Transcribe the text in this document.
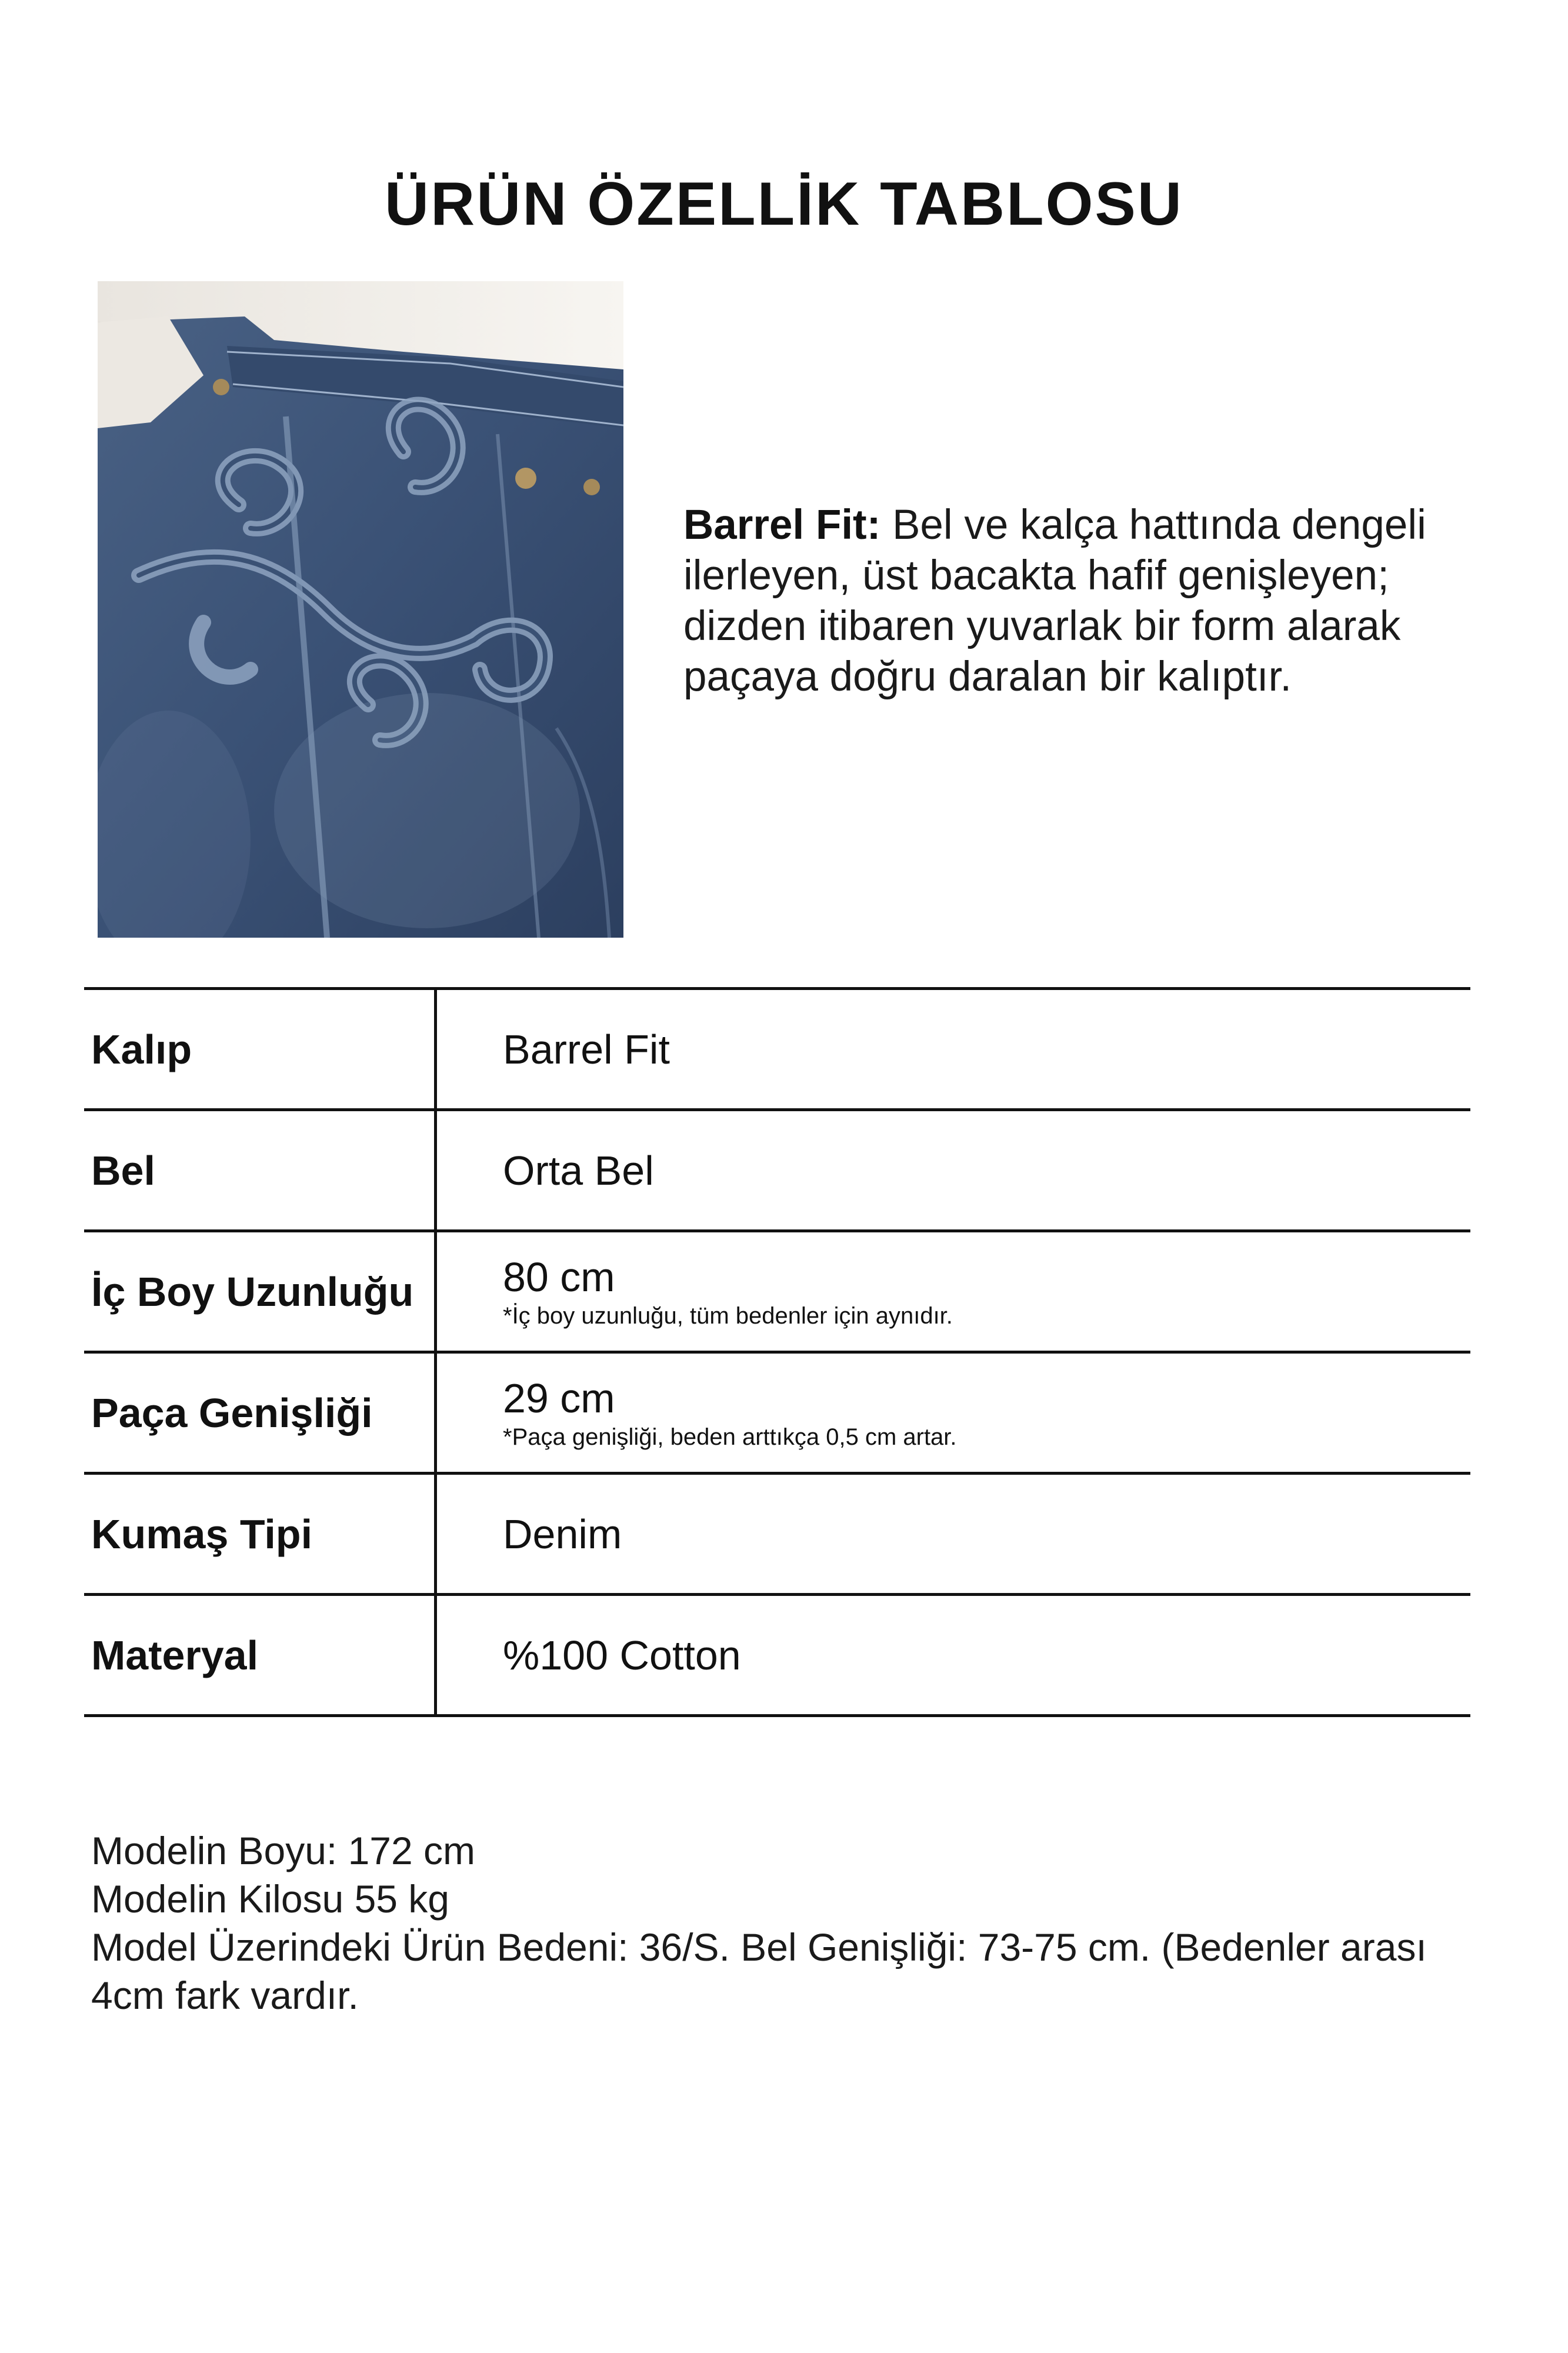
ÜRÜN ÖZELLİK TABLOSU
Barrel Fit: Bel ve kalça hattında dengeli ilerleyen, üst bacakta hafif genişleyen; dizden itibaren yuvarlak bir form alarak paçaya doğru daralan bir kalıptır.
Kalıp	Barrel Fit
Bel	Orta Bel
İç Boy Uzunluğu	80 cm
*İç boy uzunluğu, tüm bedenler için aynıdır.
Paça Genişliği	29 cm
*Paça genişliği, beden arttıkça 0,5 cm artar.
Kumaş Tipi	Denim
Materyal	%100 Cotton
Modelin Boyu: 172 cm
Modelin Kilosu 55 kg
Model Üzerindeki Ürün Bedeni: 36/S. Bel Genişliği: 73-75 cm. (Bedenler arası 4cm fark vardır.
